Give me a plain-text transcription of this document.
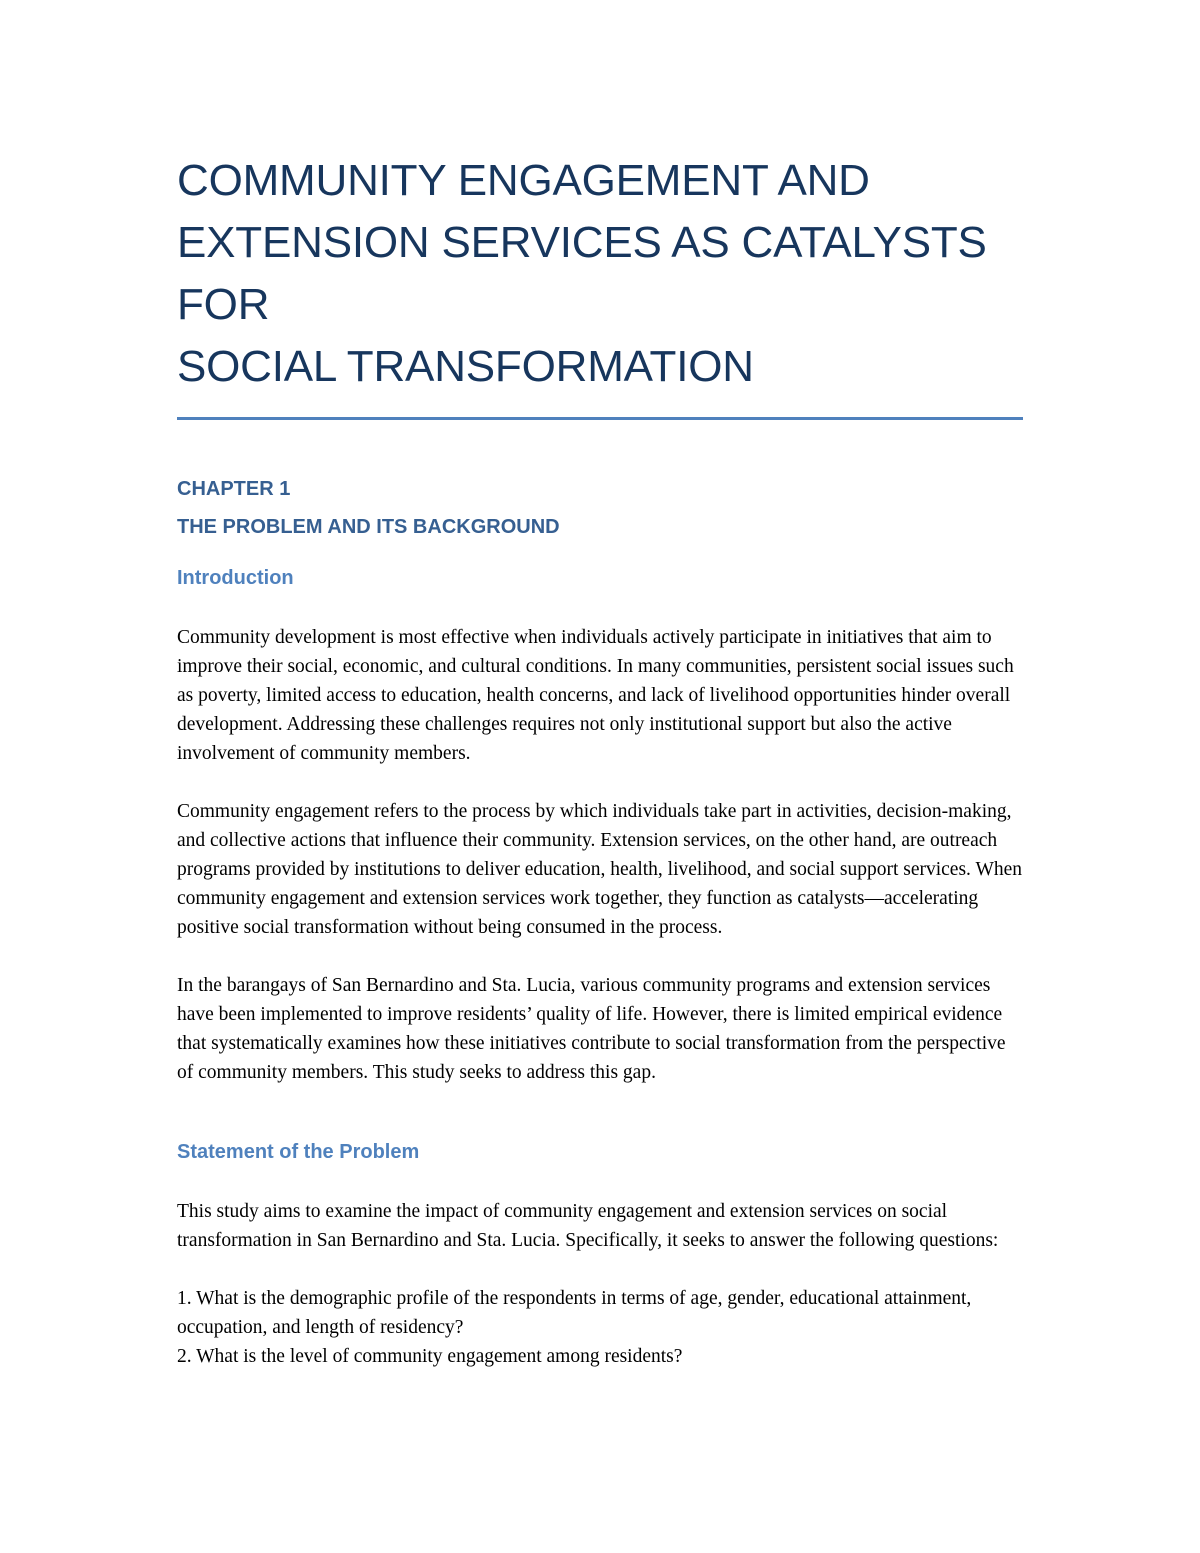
COMMUNITY ENGAGEMENT AND
EXTENSION SERVICES AS CATALYSTS FOR
SOCIAL TRANSFORMATION
CHAPTER 1
THE PROBLEM AND ITS BACKGROUND
Introduction

Community development is most effective when individuals actively participate in initiatives that aim to improve their social, economic, and cultural conditions. In many communities, persistent social issues such as poverty, limited access to education, health concerns, and lack of livelihood opportunities hinder overall development. Addressing these challenges requires not only institutional support but also the active involvement of community members.

Community engagement refers to the process by which individuals take part in activities, decision-making, and collective actions that influence their community. Extension services, on the other hand, are outreach programs provided by institutions to deliver education, health, livelihood, and social support services. When community engagement and extension services work together, they function as catalysts—accelerating positive social transformation without being consumed in the process.

In the barangays of San Bernardino and Sta. Lucia, various community programs and extension services have been implemented to improve residents’ quality of life. However, there is limited empirical evidence that systematically examines how these initiatives contribute to social transformation from the perspective of community members. This study seeks to address this gap.

Statement of the Problem

This study aims to examine the impact of community engagement and extension services on social transformation in San Bernardino and Sta. Lucia. Specifically, it seeks to answer the following questions:

1. What is the demographic profile of the respondents in terms of age, gender, educational attainment, occupation, and length of residency?

2. What is the level of community engagement among residents?
